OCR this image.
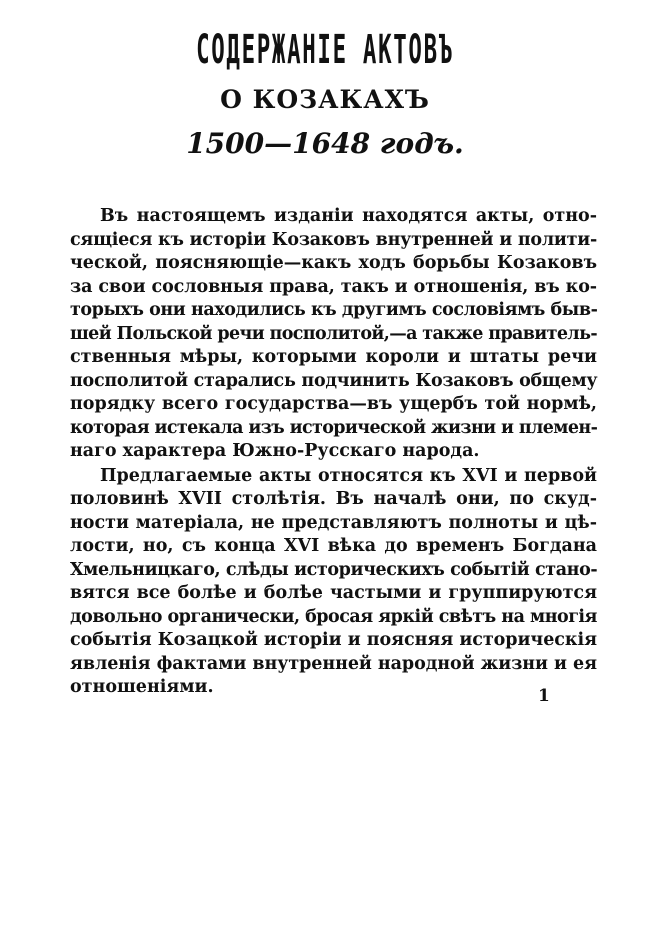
СОДЕРЖАНІЕ АКТОВЪ
О КОЗАКАХЪ
1500—1648 годъ.
Въ настоящемъ изданіи находятся акты, отно-
сящіеся къ исторіи Козаковъ внутренней и полити-
ческой, поясняющіе—какъ ходъ борьбы Козаковъ
за свои сословныя права, такъ и отношенія, въ ко-
торыхъ они находились къ другимъ сословіямъ быв-
шей Польской речи посполитой,—а также правитель-
ственныя мѣры, которыми короли и штаты речи
посполитой старались подчинить Козаковъ общему
порядку всего государства—въ ущербъ той нормѣ,
которая истекала изъ исторической жизни и племен-
наго характера Южно-Русскаго народа.
Предлагаемые акты относятся къ XVI и первой
половинѣ XVII столѣтія. Въ началѣ они, по скуд-
ности матеріала, не представляютъ полноты и цѣ-
лости, но, съ конца XVI вѣка до временъ Богдана
Хмельницкаго, слѣды историческихъ событій стано-
вятся все болѣе и болѣе частыми и группируются
довольно органически, бросая яркій свѣтъ на многія
событія Козацкой исторіи и поясняя историческія
явленія фактами внутренней народной жизни и ея
отношеніями.	1
